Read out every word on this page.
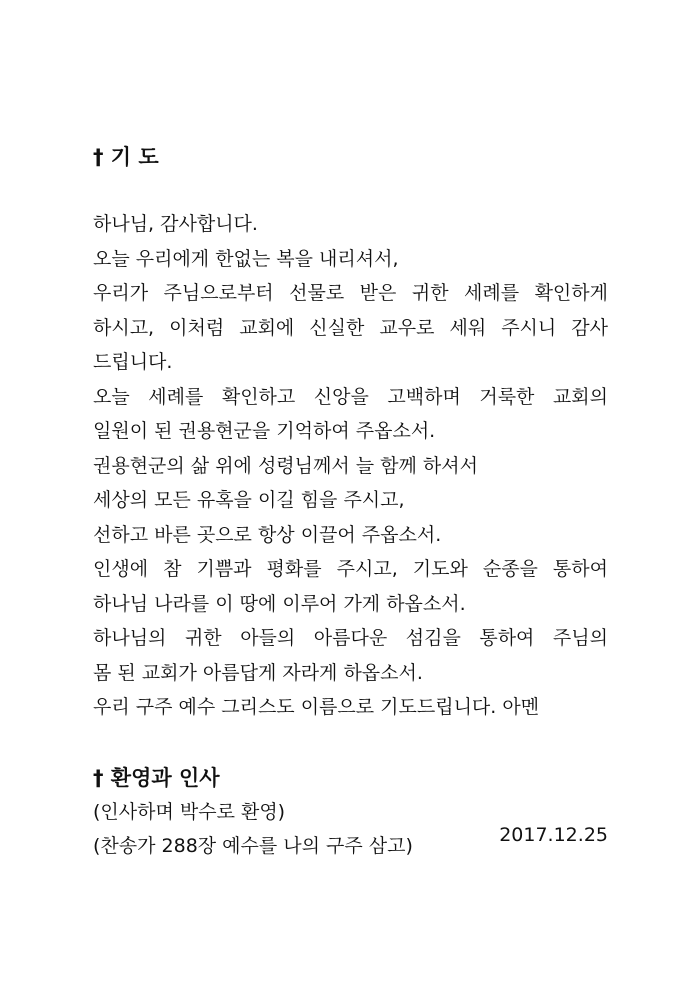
† 기 도
하나님, 감사합니다.
오늘 우리에게 한없는 복을 내리셔서,
우리가 주님으로부터 선물로 받은 귀한 세례를 확인하게
하시고, 이처럼 교회에 신실한 교우로 세워 주시니 감사
드립니다.
오늘 세례를 확인하고 신앙을 고백하며 거룩한 교회의
일원이 된 권용현군을 기억하여 주옵소서.
권용현군의 삶 위에 성령님께서 늘 함께 하셔서
세상의 모든 유혹을 이길 힘을 주시고,
선하고 바른 곳으로 항상 이끌어 주옵소서.
인생에 참 기쁨과 평화를 주시고, 기도와 순종을 통하여
하나님 나라를 이 땅에 이루어 가게 하옵소서.
하나님의 귀한 아들의 아름다운 섬김을 통하여 주님의
몸 된 교회가 아름답게 자라게 하옵소서.
우리 구주 예수 그리스도 이름으로 기도드립니다. 아멘
† 환영과 인사
(인사하며 박수로 환영)
(찬송가 288장 예수를 나의 구주 삼고)	2017.12.25
